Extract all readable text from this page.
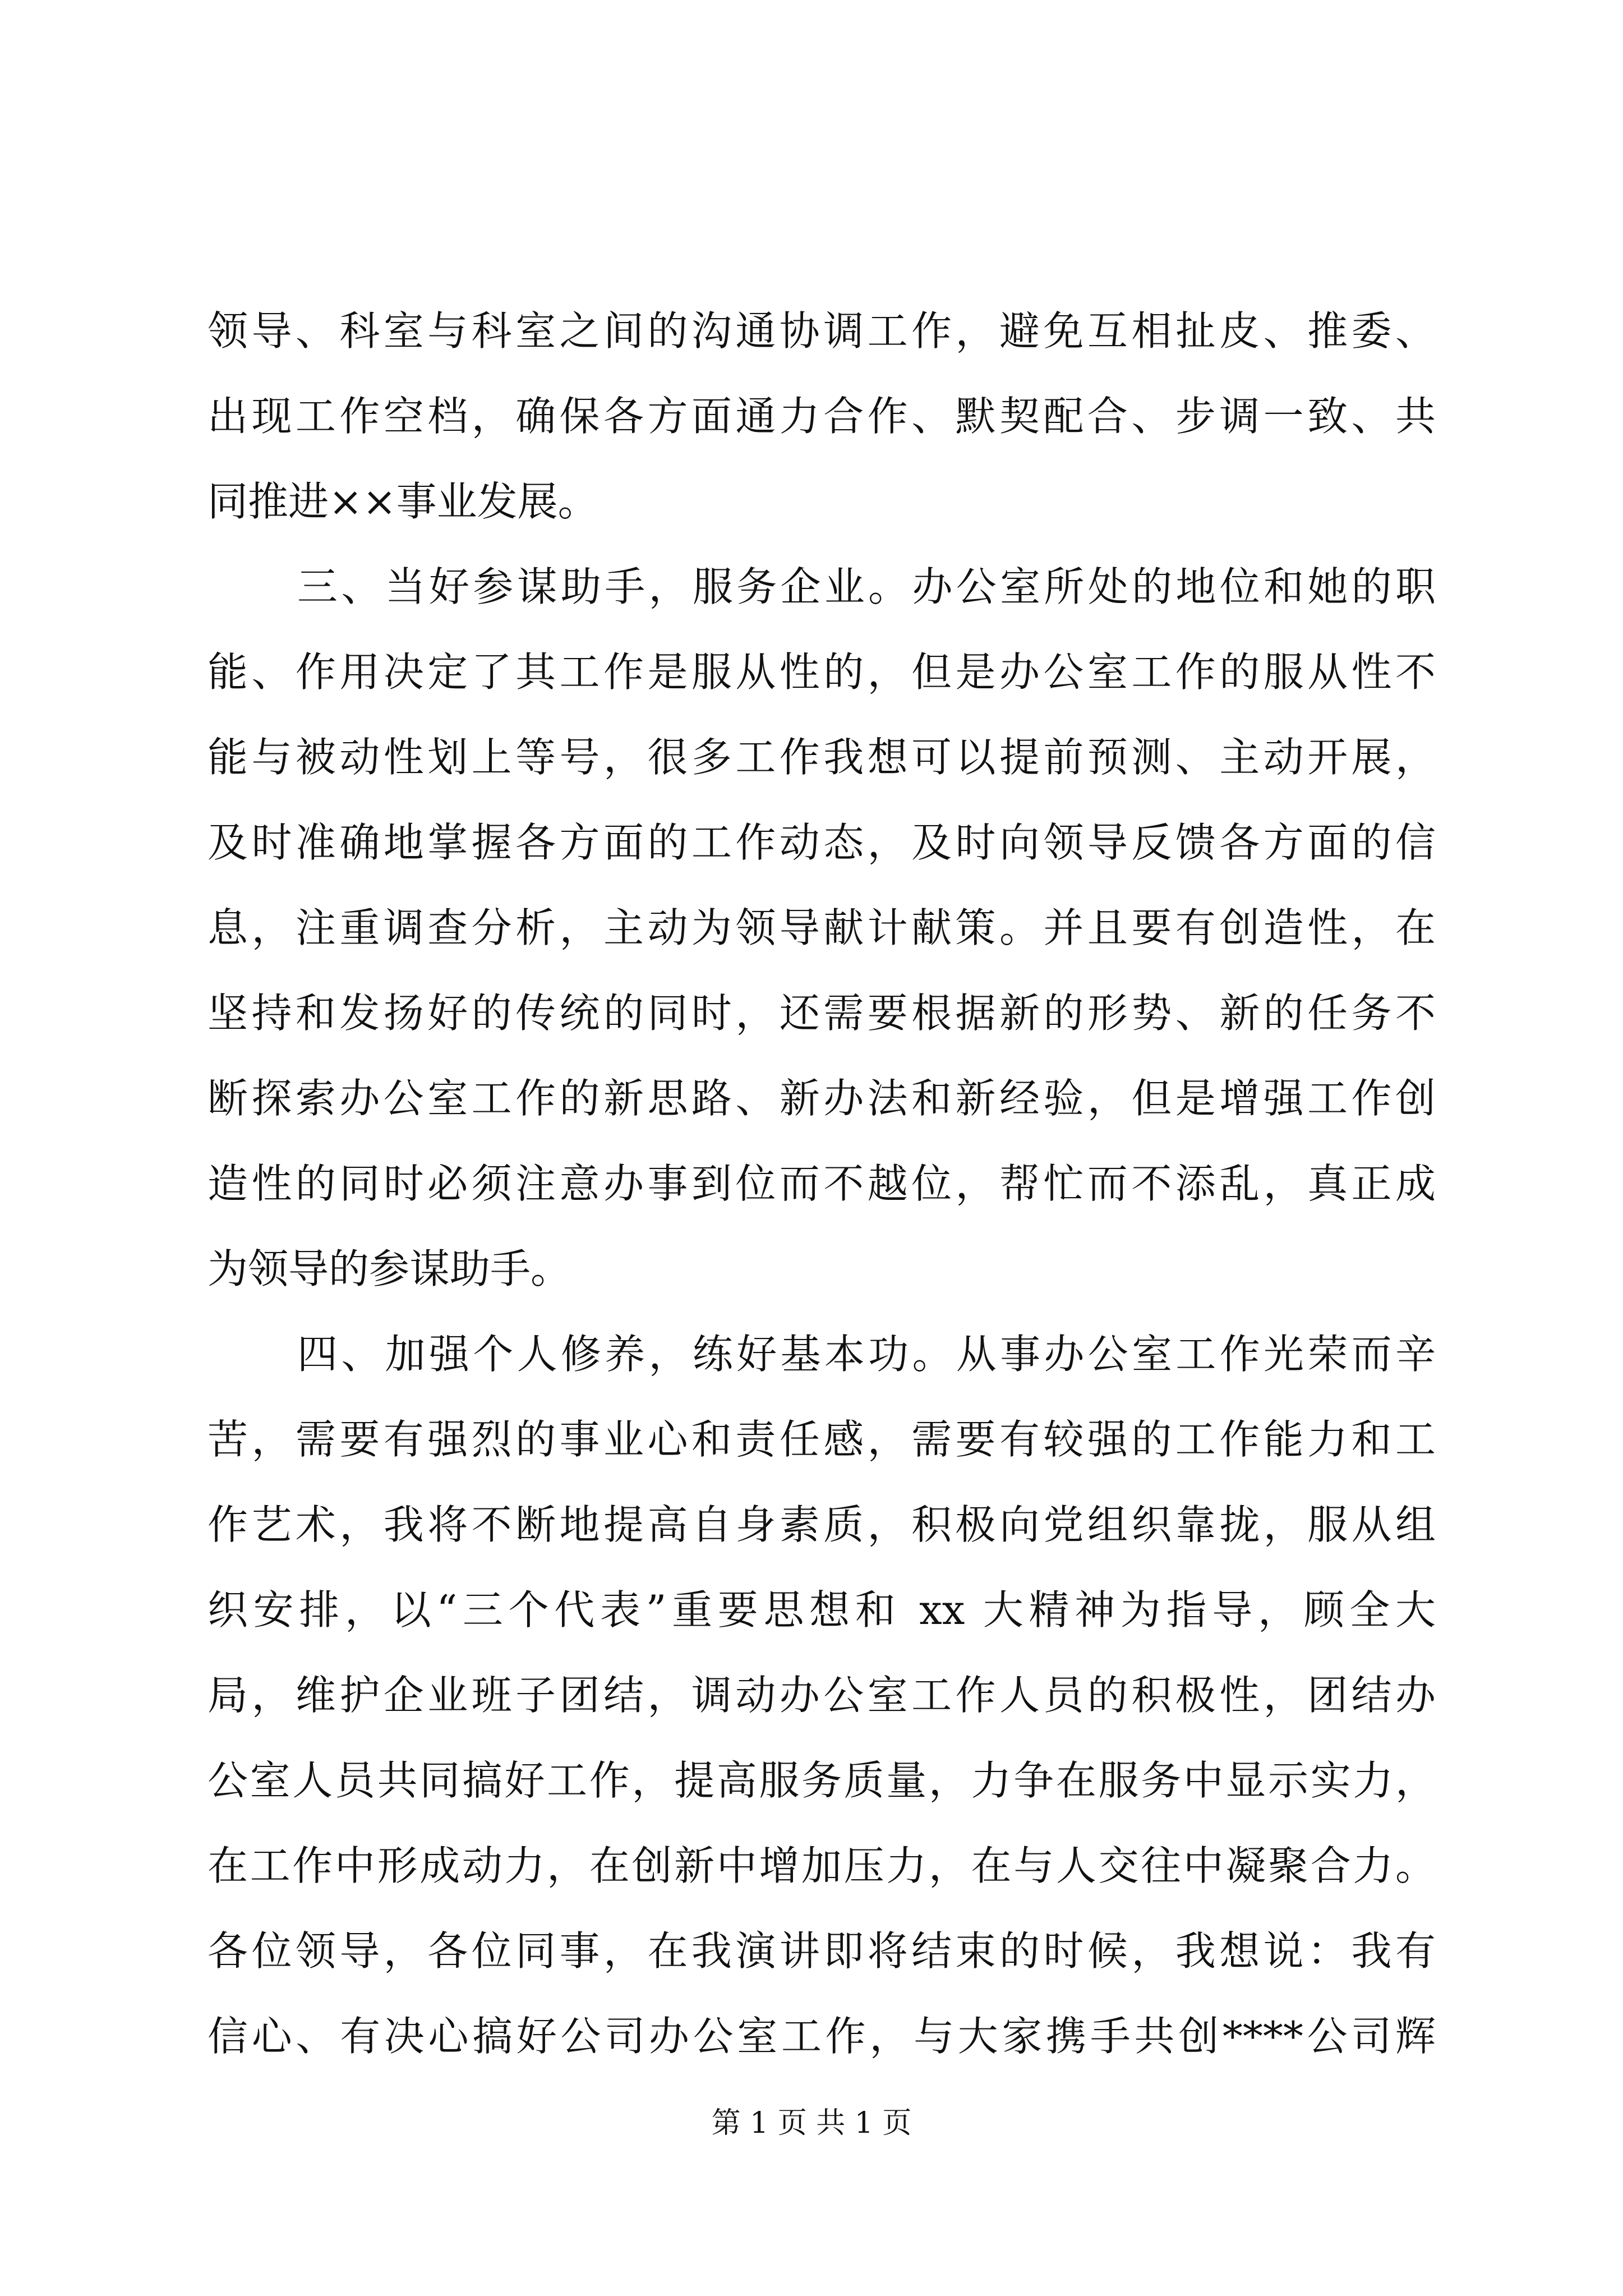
领导、科室与科室之间的沟通协调工作，避免互相扯皮、推委、
出现工作空档，确保各方面通力合作、默契配合、步调一致、共
同推进××事业发展。
三、当好参谋助手，服务企业。办公室所处的地位和她的职
能、作用决定了其工作是服从性的，但是办公室工作的服从性不
能与被动性划上等号，很多工作我想可以提前预测、主动开展，
及时准确地掌握各方面的工作动态，及时向领导反馈各方面的信
息，注重调查分析，主动为领导献计献策。并且要有创造性，在
坚持和发扬好的传统的同时，还需要根据新的形势、新的任务不
断探索办公室工作的新思路、新办法和新经验，但是增强工作创
造性的同时必须注意办事到位而不越位，帮忙而不添乱，真正成
为领导的参谋助手。
四、加强个人修养，练好基本功。从事办公室工作光荣而辛
苦，需要有强烈的事业心和责任感，需要有较强的工作能力和工
作艺术，我将不断地提高自身素质，积极向党组织靠拢，服从组
织安排，以“三个代表”重要思想和 xx 大精神为指导，顾全大
局，维护企业班子团结，调动办公室工作人员的积极性，团结办
公室人员共同搞好工作，提高服务质量，力争在服务中显示实力，
在工作中形成动力，在创新中增加压力，在与人交往中凝聚合力。
各位领导，各位同事，在我演讲即将结束的时候，我想说：我有
信心、有决心搞好公司办公室工作，与大家携手共创****公司辉
第 1 页 共 1 页
